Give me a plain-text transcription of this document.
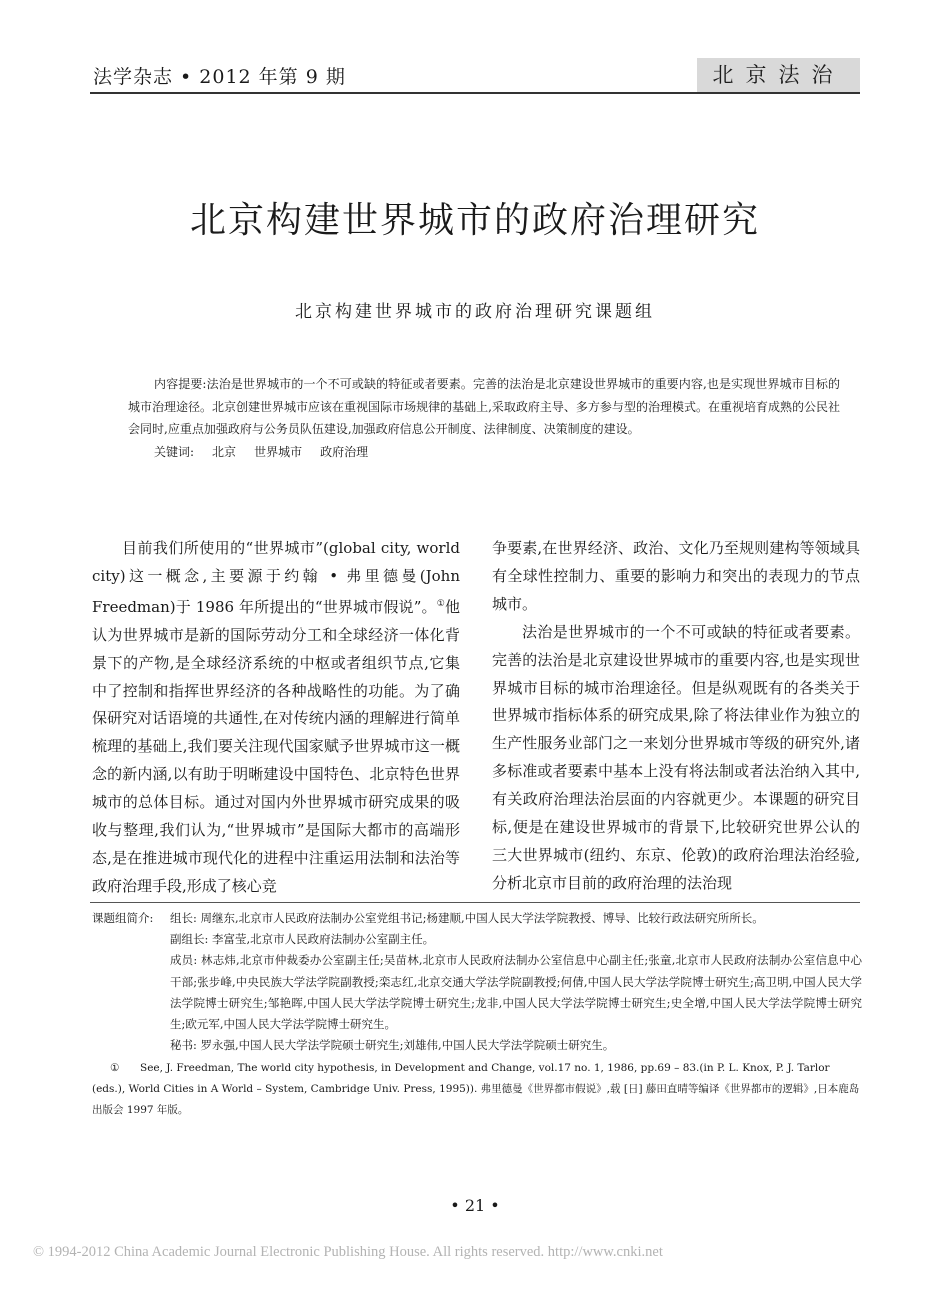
法学杂志 • 2012 年第 9 期	北京法治
北京构建世界城市的政府治理研究
北京构建世界城市的政府治理研究课题组

内容提要:法治是世界城市的一个不可或缺的特征或者要素。完善的法治是北京建设世界城市的重要内容,也是实现世界城市目标的城市治理途径。北京创建世界城市应该在重视国际市场规律的基础上,采取政府主导、多方参与型的治理模式。在重视培育成熟的公民社会同时,应重点加强政府与公务员队伍建设,加强政府信息公开制度、法律制度、决策制度的建设。

关键词: 北京 世界城市 政府治理

目前我们所使用的“世界城市”(global city, world city)这一概念,主要源于约翰 • 弗里德曼(John Freedman)于 1986 年所提出的“世界城市假说”。①他认为世界城市是新的国际劳动分工和全球经济一体化背景下的产物,是全球经济系统的中枢或者组织节点,它集中了控制和指挥世界经济的各种战略性的功能。为了确保研究对话语境的共通性,在对传统内涵的理解进行简单梳理的基础上,我们要关注现代国家赋予世界城市这一概念的新内涵,以有助于明晰建设中国特色、北京特色世界城市的总体目标。通过对国内外世界城市研究成果的吸收与整理,我们认为,“世界城市”是国际大都市的高端形态,是在推进城市现代化的进程中注重运用法制和法治等政府治理手段,形成了核心竞

争要素,在世界经济、政治、文化乃至规则建构等领域具有全球性控制力、重要的影响力和突出的表现力的节点城市。

法治是世界城市的一个不可或缺的特征或者要素。完善的法治是北京建设世界城市的重要内容,也是实现世界城市目标的城市治理途径。但是纵观既有的各类关于世界城市指标体系的研究成果,除了将法律业作为独立的生产性服务业部门之一来划分世界城市等级的研究外,诸多标准或者要素中基本上没有将法制或者法治纳入其中,有关政府治理法治层面的内容就更少。本课题的研究目标,便是在建设世界城市的背景下,比较研究世界公认的三大世界城市(纽约、东京、伦敦)的政府治理法治经验,分析北京市目前的政府治理的法治现

课题组简介:	组长: 周继东,北京市人民政府法制办公室党组书记;杨建顺,中国人民大学法学院教授、博导、比较行政法研究所所长。
副组长: 李富莹,北京市人民政府法制办公室副主任。
成员: 林志炜,北京市仲裁委办公室副主任;吴苗林,北京市人民政府法制办公室信息中心副主任;张童,北京市人民政府法制办公室信息中心干部;张步峰,中央民族大学法学院副教授;栾志红,北京交通大学法学院副教授;何倩,中国人民大学法学院博士研究生;高卫明,中国人民大学法学院博士研究生;邹艳晖,中国人民大学法学院博士研究生;龙非,中国人民大学法学院博士研究生;史全增,中国人民大学法学院博士研究生;欧元军,中国人民大学法学院博士研究生。
秘书: 罗永强,中国人民大学法学院硕士研究生;刘雄伟,中国人民大学法学院硕士研究生。
① See, J. Freedman, The world city hypothesis, in Development and Change, vol.17 no. 1, 1986, pp.69 – 83.(in P. L. Knox, P. J. Tarlor (eds.), World Cities in A World – System, Cambridge Univ. Press, 1995)). 弗里德曼《世界都市假说》,载 [日] 藤田直晴等编译《世界都市的逻辑》,日本鹿岛出版会 1997 年版。
• 21 •
© 1994-2012 China Academic Journal Electronic Publishing House. All rights reserved. http://www.cnki.net
